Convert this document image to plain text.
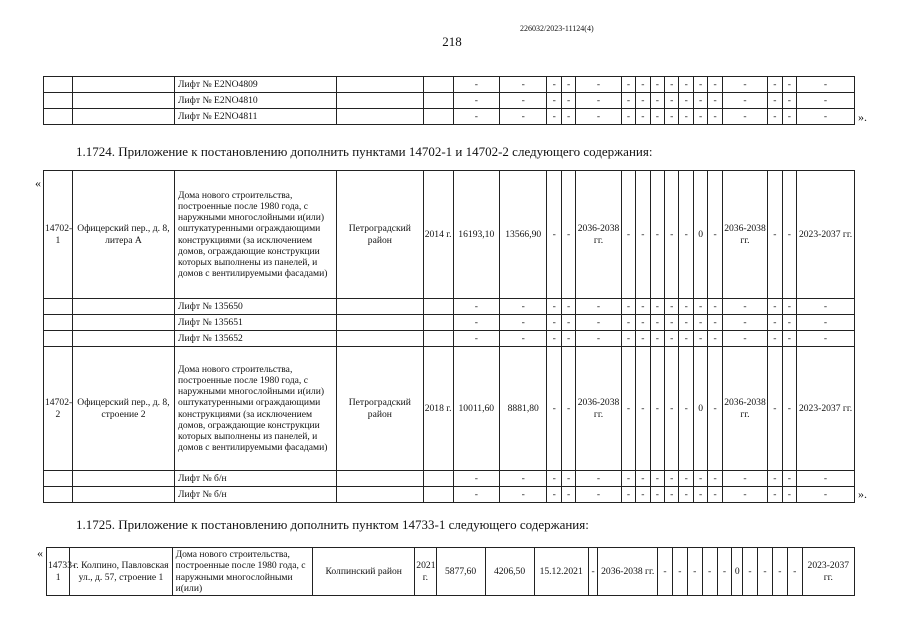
226032/2023-11124(4)
218
		Лифт № E2NO4809			-	-	-	-	-	-	-	-	-	-	-	-	-	-	-	-
		Лифт № E2NO4810			-	-	-	-	-	-	-	-	-	-	-	-	-	-	-	-
		Лифт № E2NO4811			-	-	-	-	-	-	-	-	-	-	-	-	-	-	-	-	».
1.1724. Приложение к постановлению дополнить пунктами 14702-1 и 14702-2 следующего содержания:
«
14702-1	Офицерский пер., д. 8, литера А	Дома нового строительства, построенные после 1980 года, с наружными многослойными и(или) оштукатуренными ограждающими конструкциями (за исключением домов, ограждающие конструкции которых выполнены из панелей, и домов с вентилируемыми фасадами)	Петроградский район	2014 г.	16193,10	13566,90	-	-	2036-2038 гг.	-	-	-	-	-	0	-	2036-2038 гг.	-	-	2023-2037 гг.
		Лифт № 135650			-	-	-	-	-	-	-	-	-	-	-	-	-	-	-	-
		Лифт № 135651			-	-	-	-	-	-	-	-	-	-	-	-	-	-	-	-
		Лифт № 135652			-	-	-	-	-	-	-	-	-	-	-	-	-	-	-	-
14702-2	Офицерский пер., д. 8, строение 2	Дома нового строительства, построенные после 1980 года, с наружными многослойными и(или) оштукатуренными ограждающими конструкциями (за исключением домов, ограждающие конструкции которых выполнены из панелей, и домов с вентилируемыми фасадами)	Петроградский район	2018 г.	10011,60	8881,80	-	-	2036-2038 гг.	-	-	-	-	-	0	-	2036-2038 гг.	-	-	2023-2037 гг.
		Лифт № б/н			-	-	-	-	-	-	-	-	-	-	-	-	-	-	-	-
		Лифт № б/н			-	-	-	-	-	-	-	-	-	-	-	-	-	-	-	-	».
1.1725. Приложение к постановлению дополнить пунктом 14733-1 следующего содержания:
«
14733-1	г. Колпино, Павловская ул., д. 57, строение 1	Дома нового строительства, построенные после 1980 года, с наружными многослойными и(или)	Колпинский район	2021 г.	5877,60	4206,50	15.12.2021	-	2036-2038 гг.	-	-	-	-	-	0	-	-	-	-	2023-2037 гг.
